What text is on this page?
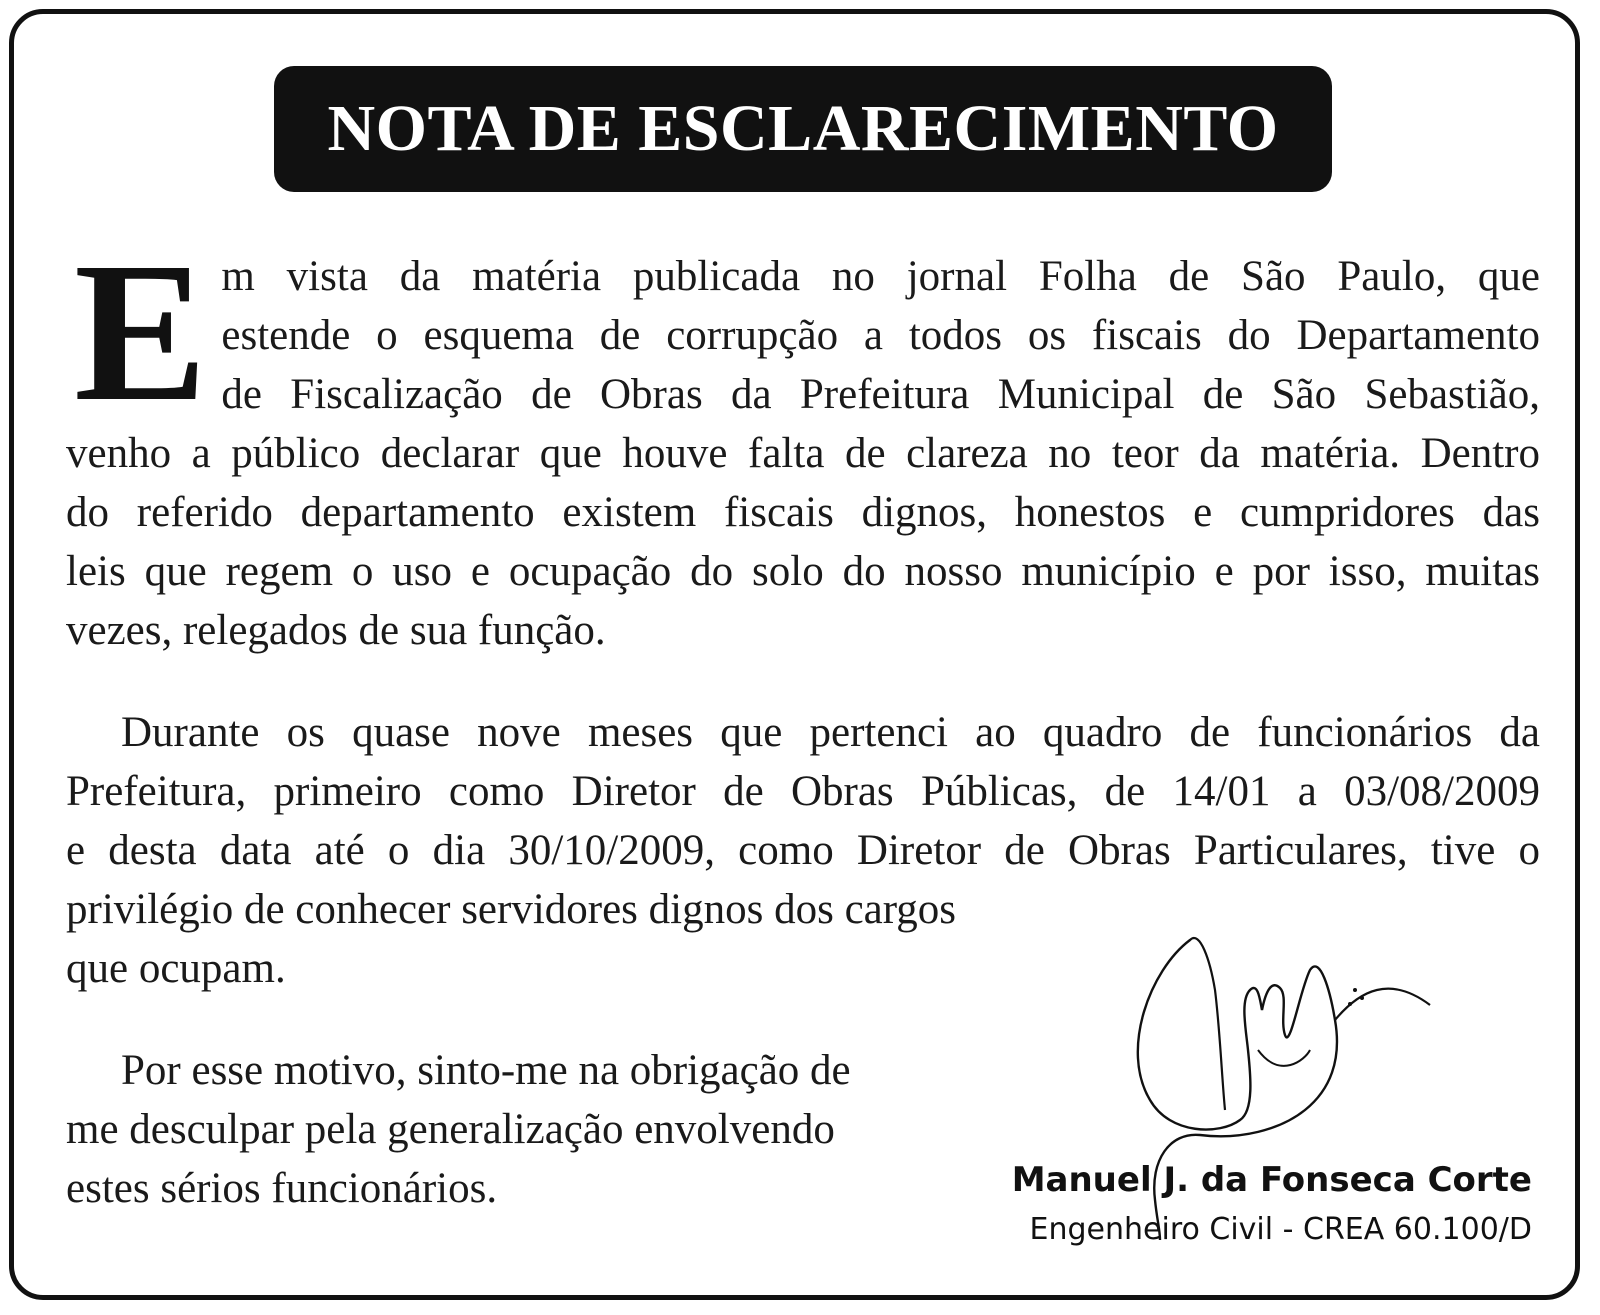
NOTA DE ESCLARECIMENTO
E m vista da matéria publicada no jornal Folha de São Paulo, que
estende o esquema de corrupção a todos os fiscais do Departamento
de Fiscalização de Obras da Prefeitura Municipal de São Sebastião,
venho a público declarar que houve falta de clareza no teor da matéria. Dentro
do referido departamento existem fiscais dignos, honestos e cumpridores das
leis que regem o uso e ocupação do solo do nosso município e por isso, muitas
vezes, relegados de sua função.
Durante os quase nove meses que pertenci ao quadro de funcionários da
Prefeitura, primeiro como Diretor de Obras Públicas, de 14/01 a 03/08/2009
e desta data até o dia 30/10/2009, como Diretor de Obras Particulares, tive o
privilégio de conhecer servidores dignos dos cargos
que ocupam.
Por esse motivo, sinto-me na obrigação de
me desculpar pela generalização envolvendo
estes sérios funcionários.	Manuel J. da Fonseca Corte
Engenheiro Civil - CREA 60.100/D
